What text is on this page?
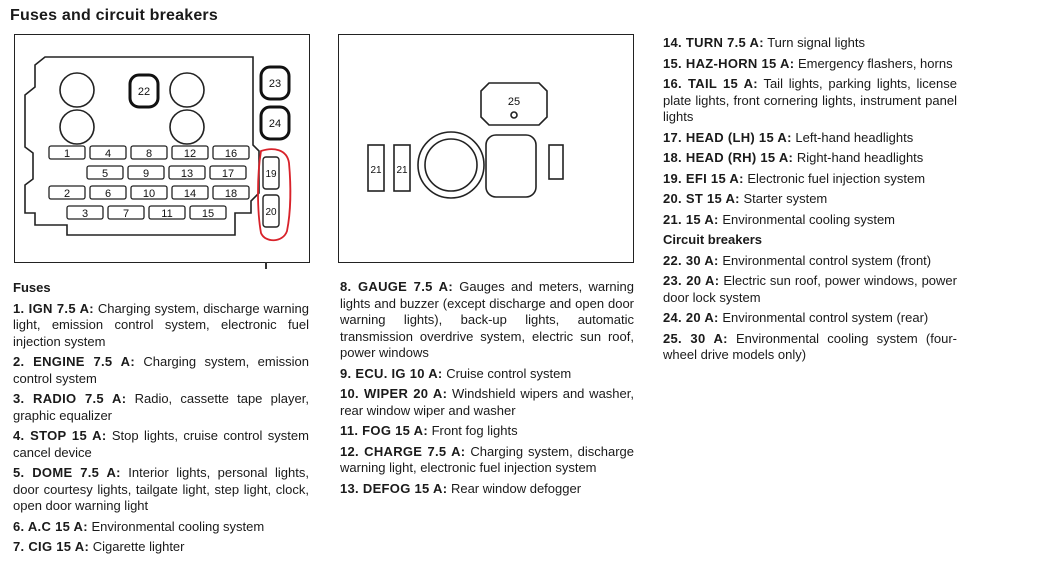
Fuses and circuit breakers
22
23
24
1	4	8	12	16
5	9	13	17
2	6	10	14	18
3	7	11	15
19
20
25
21 21
Fuses

1. IGN 7.5 A: Charging system, discharge warning light, emission control system, electronic fuel injection system

2. ENGINE 7.5 A: Charging system, emission control system

3. RADIO 7.5 A: Radio, cassette tape player, graphic equalizer

4. STOP 15 A: Stop lights, cruise control system cancel device

5. DOME 7.5 A: Interior lights, personal lights, door courtesy lights, tailgate light, step light, clock, open door warning light

6. A.C 15 A: Environmental cooling system

7. CIG 15 A: Cigarette lighter

8. GAUGE 7.5 A: Gauges and meters, warning lights and buzzer (except discharge and open door warning lights), back-up lights, automatic transmission overdrive system, electric sun roof, power windows

9. ECU. IG 10 A: Cruise control system

10. WIPER 20 A: Windshield wipers and washer, rear window wiper and washer

11. FOG 15 A: Front fog lights

12. CHARGE 7.5 A: Charging system, discharge warning light, electronic fuel injection system

13. DEFOG 15 A: Rear window defogger

14. TURN 7.5 A: Turn signal lights

15. HAZ-HORN 15 A: Emergency flashers, horns

16. TAIL 15 A: Tail lights, parking lights, license plate lights, front cornering lights, instrument panel lights

17. HEAD (LH) 15 A: Left-hand headlights

18. HEAD (RH) 15 A: Right-hand headlights

19. EFI 15 A: Electronic fuel injection system

20. ST 15 A: Starter system

21. 15 A: Environmental cooling system

Circuit breakers

22. 30 A: Environmental control system (front)

23. 20 A: Electric sun roof, power windows, power door lock system

24. 20 A: Environmental control system (rear)

25. 30 A: Environmental cooling system (four-wheel drive models only)
